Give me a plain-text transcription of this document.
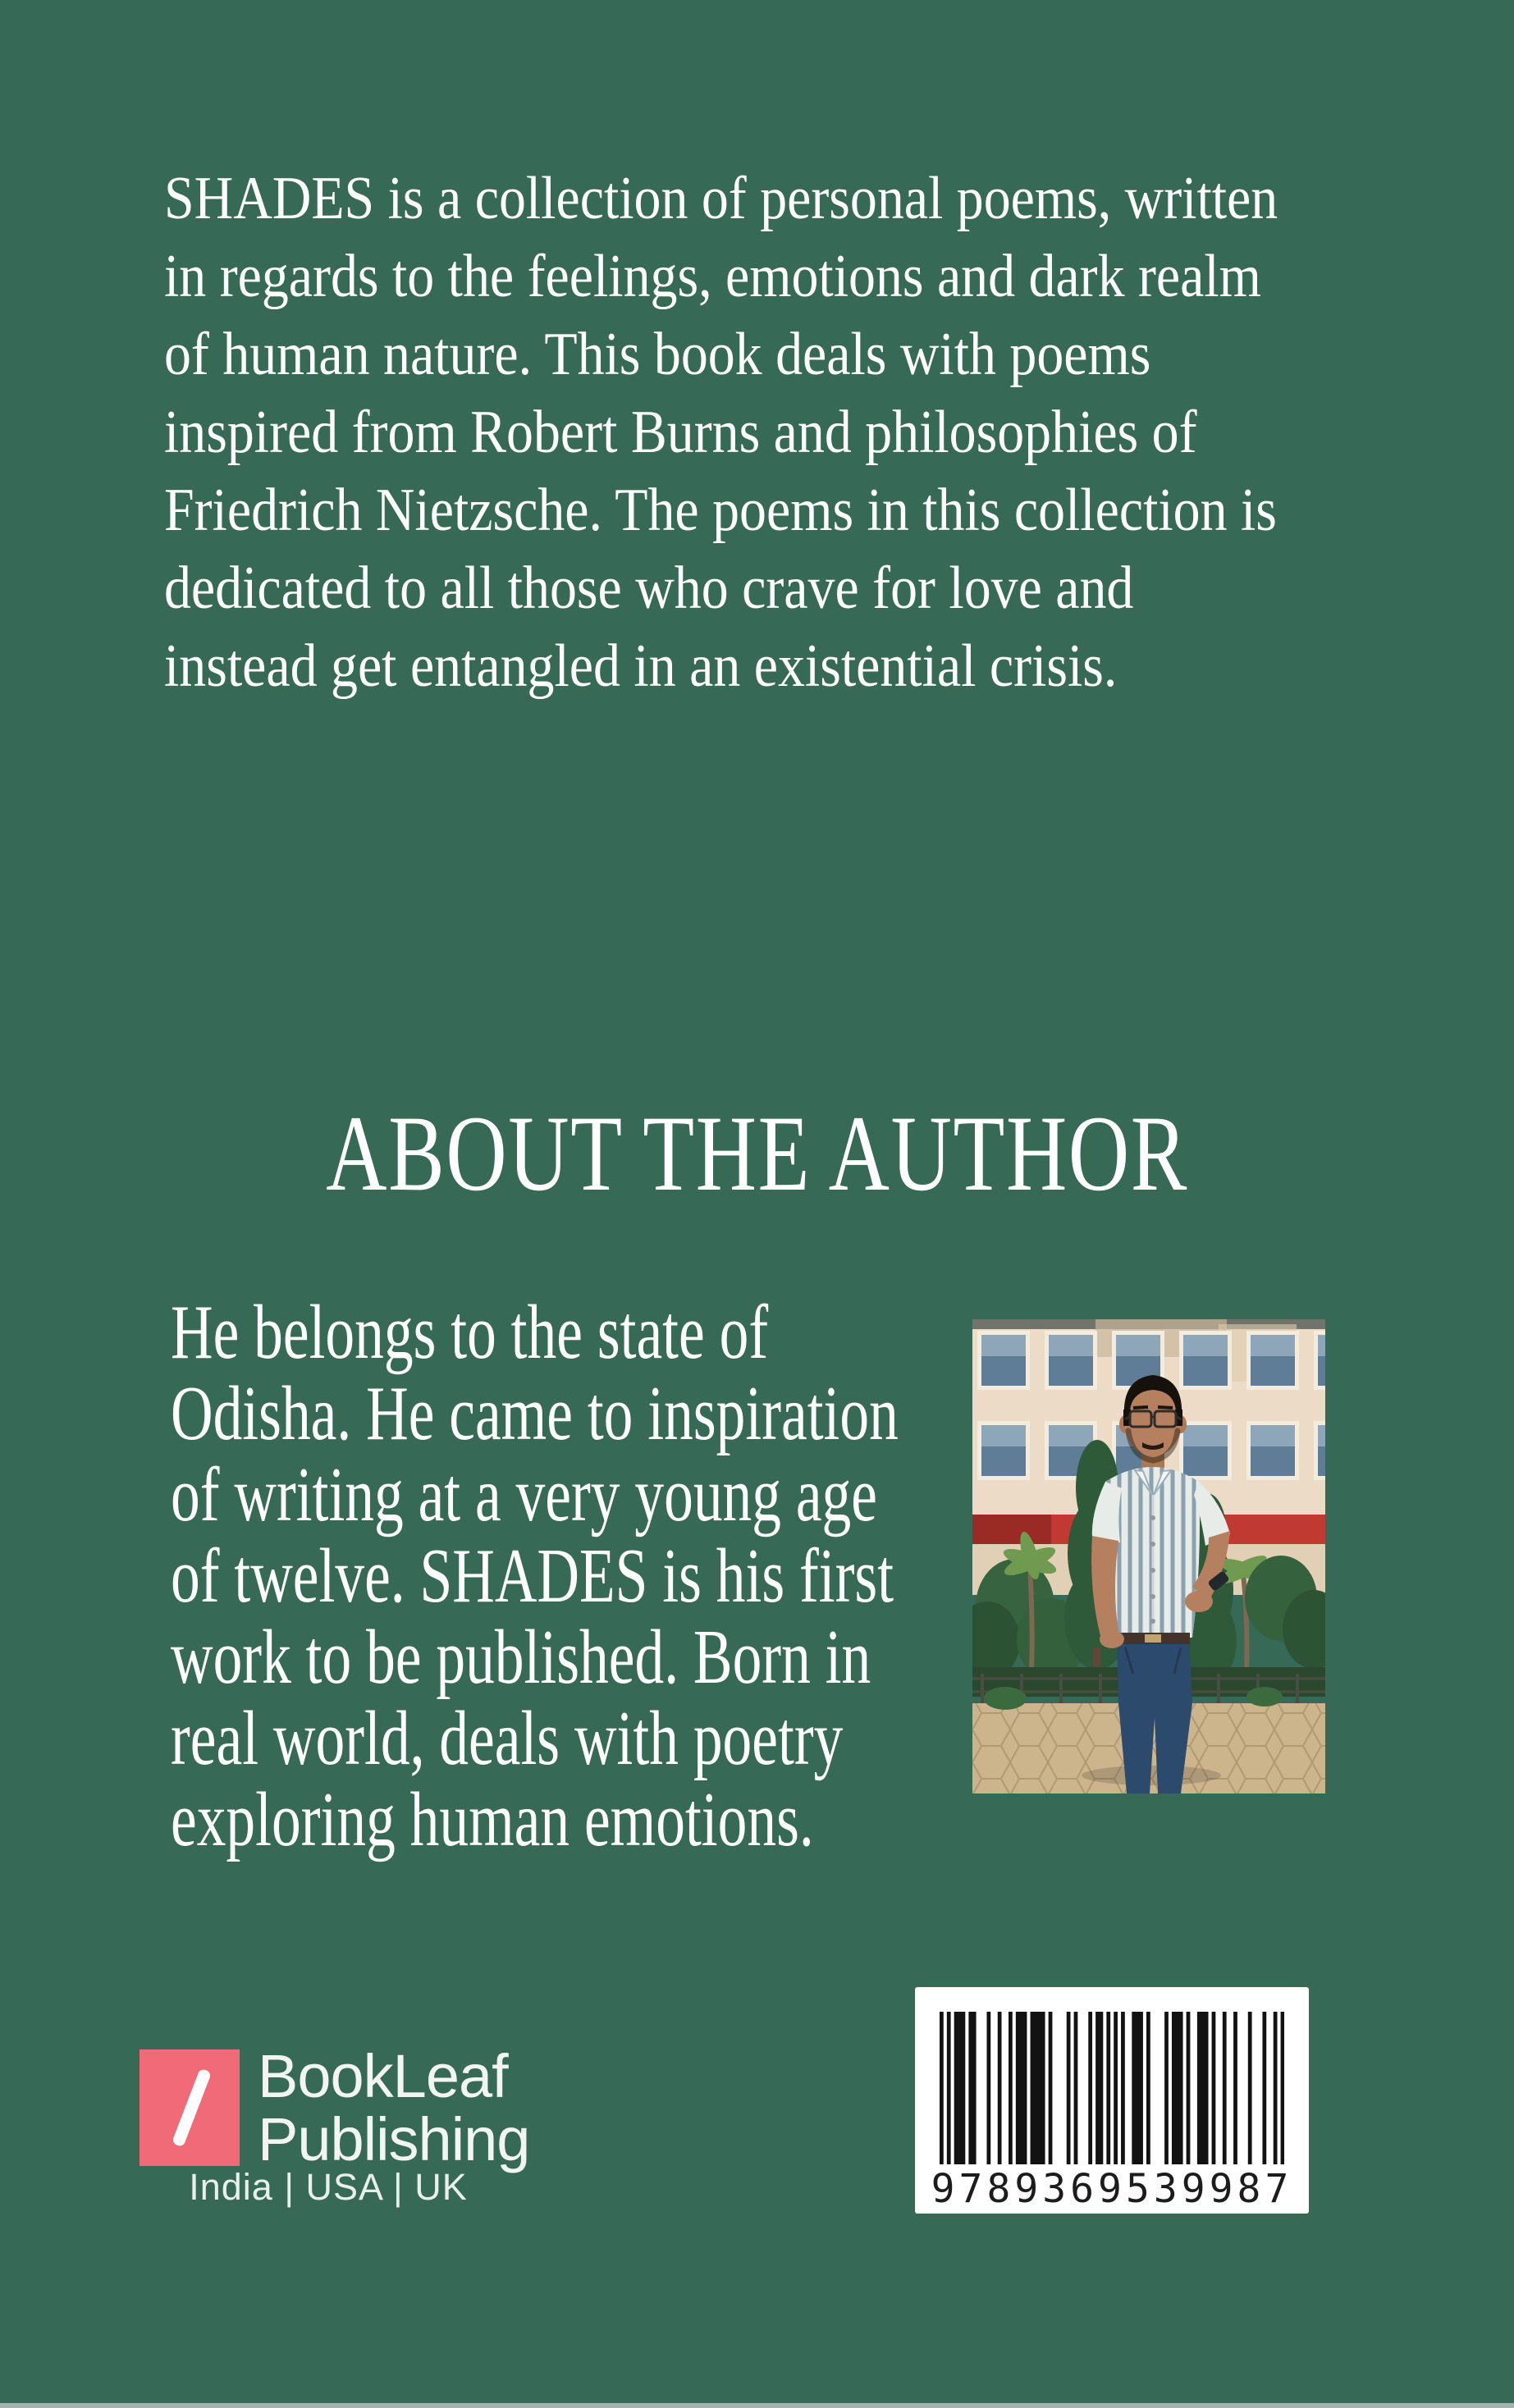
SHADES is a collection of personal poems, written
in regards to the feelings, emotions and dark realm
of human nature. This book deals with poems
inspired from Robert Burns and philosophies of
Friedrich Nietzsche. The poems in this collection is
dedicated to all those who crave for love and
instead get entangled in an existential crisis.
ABOUT THE AUTHOR
He belongs to the state of
Odisha. He came to inspiration
of writing at a very young age
of twelve. SHADES is his first
work to be published. Born in
real world, deals with poetry
exploring human emotions.
BookLeaf
Publishing
India | USA | UK	9789369539987
